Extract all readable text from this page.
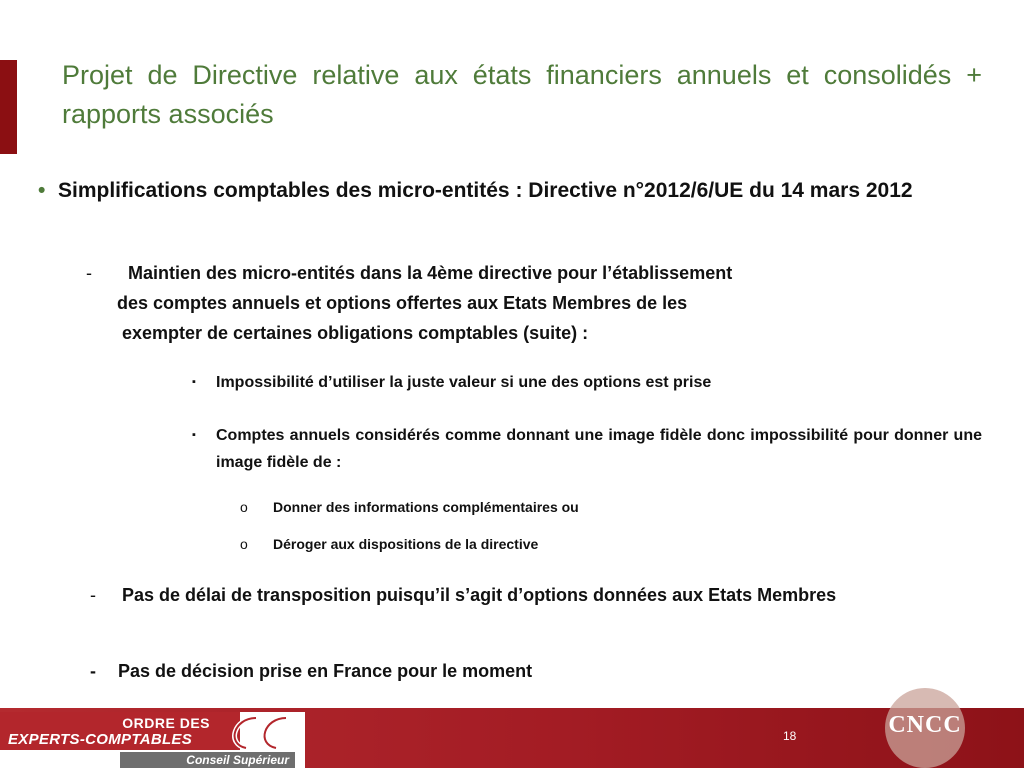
Projet de Directive relative aux états financiers annuels et consolidés + rapports associés
• Simplifications comptables des micro-entités : Directive n°2012/6/UE du 14 mars 2012
- Maintien des micro-entités dans la 4ème directive pour l’établissement
des comptes annuels et options offertes aux Etats Membres de les
exempter de certaines obligations comptables (suite) :
▪ Impossibilité d’utiliser la juste valeur si une des options est prise
▪ Comptes annuels considérés comme donnant une image fidèle donc impossibilité pour donner une image fidèle de :
o Donner des informations complémentaires ou
o Déroger aux dispositions de la directive
- Pas de délai de transposition puisqu’il s’agit d’options données aux Etats Membres
- Pas de décision prise en France pour le moment
ORDRE DES
EXPERTS-COMPTABLES
Conseil Supérieur
18	CNCC
